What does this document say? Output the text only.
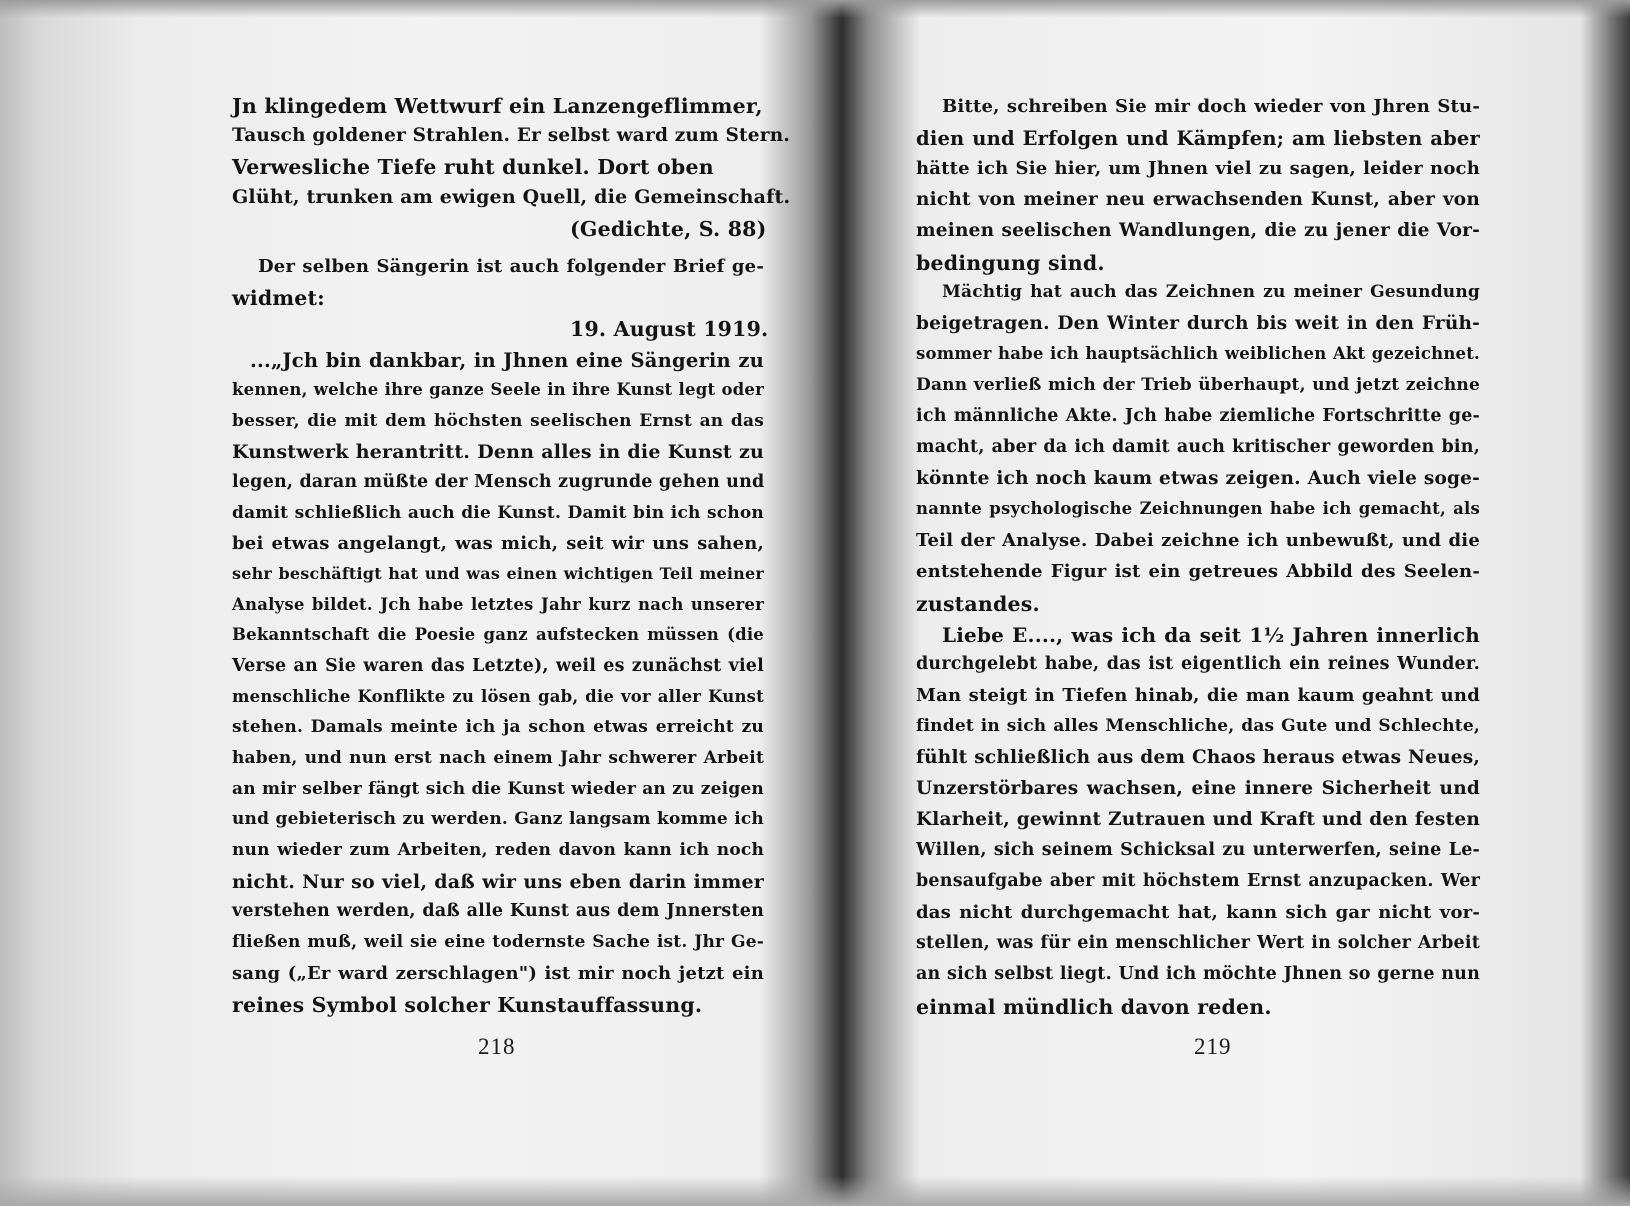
Jn klingedem Wettwurf ein Lanzengeflimmer,
Tausch goldener Strahlen. Er selbst ward zum Stern.
Verwesliche Tiefe ruht dunkel. Dort oben
Glüht, trunken am ewigen Quell, die Gemeinschaft.
(Gedichte, S. 88)
Der selben Sängerin ist auch folgender Brief ge-
widmet:
19. August 1919.
...„Jch bin dankbar, in Jhnen eine Sängerin zu
kennen, welche ihre ganze Seele in ihre Kunst legt oder
besser, die mit dem höchsten seelischen Ernst an das
Kunstwerk herantritt. Denn alles in die Kunst zu
legen, daran müßte der Mensch zugrunde gehen und
damit schließlich auch die Kunst. Damit bin ich schon
bei etwas angelangt, was mich, seit wir uns sahen,
sehr beschäftigt hat und was einen wichtigen Teil meiner
Analyse bildet. Jch habe letztes Jahr kurz nach unserer
Bekanntschaft die Poesie ganz aufstecken müssen (die
Verse an Sie waren das Letzte), weil es zunächst viel
menschliche Konflikte zu lösen gab, die vor aller Kunst
stehen. Damals meinte ich ja schon etwas erreicht zu
haben, und nun erst nach einem Jahr schwerer Arbeit
an mir selber fängt sich die Kunst wieder an zu zeigen
und gebieterisch zu werden. Ganz langsam komme ich
nun wieder zum Arbeiten, reden davon kann ich noch
nicht. Nur so viel, daß wir uns eben darin immer
verstehen werden, daß alle Kunst aus dem Jnnersten
fließen muß, weil sie eine todernste Sache ist. Jhr Ge-
sang („Er ward zerschlagen") ist mir noch jetzt ein
reines Symbol solcher Kunstauffassung.
218
Bitte, schreiben Sie mir doch wieder von Jhren Stu-
dien und Erfolgen und Kämpfen; am liebsten aber
hätte ich Sie hier, um Jhnen viel zu sagen, leider noch
nicht von meiner neu erwachsenden Kunst, aber von
meinen seelischen Wandlungen, die zu jener die Vor-
bedingung sind.
Mächtig hat auch das Zeichnen zu meiner Gesundung
beigetragen. Den Winter durch bis weit in den Früh-
sommer habe ich hauptsächlich weiblichen Akt gezeichnet.
Dann verließ mich der Trieb überhaupt, und jetzt zeichne
ich männliche Akte. Jch habe ziemliche Fortschritte ge-
macht, aber da ich damit auch kritischer geworden bin,
könnte ich noch kaum etwas zeigen. Auch viele soge-
nannte psychologische Zeichnungen habe ich gemacht, als
Teil der Analyse. Dabei zeichne ich unbewußt, und die
entstehende Figur ist ein getreues Abbild des Seelen-
zustandes.
Liebe E...., was ich da seit 1½ Jahren innerlich
durchgelebt habe, das ist eigentlich ein reines Wunder.
Man steigt in Tiefen hinab, die man kaum geahnt und
findet in sich alles Menschliche, das Gute und Schlechte,
fühlt schließlich aus dem Chaos heraus etwas Neues,
Unzerstörbares wachsen, eine innere Sicherheit und
Klarheit, gewinnt Zutrauen und Kraft und den festen
Willen, sich seinem Schicksal zu unterwerfen, seine Le-
bensaufgabe aber mit höchstem Ernst anzupacken. Wer
das nicht durchgemacht hat, kann sich gar nicht vor-
stellen, was für ein menschlicher Wert in solcher Arbeit
an sich selbst liegt. Und ich möchte Jhnen so gerne nun
einmal mündlich davon reden.
219
